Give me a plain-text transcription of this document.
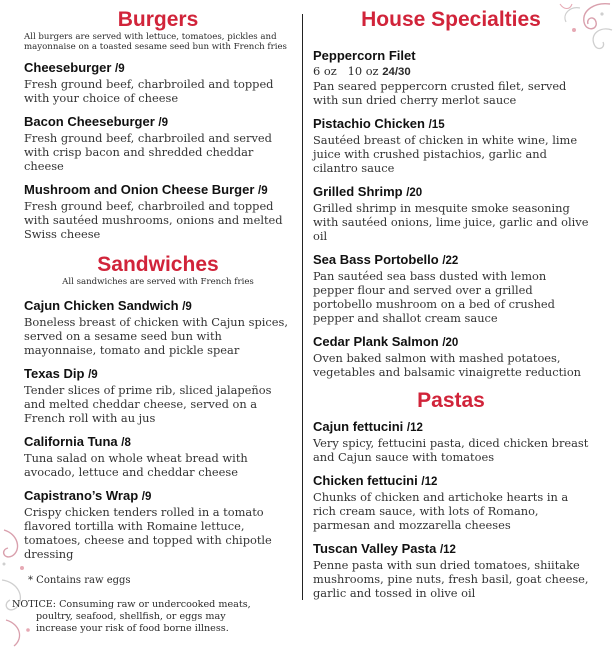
Burgers

All burgers are served with lettuce, tomatoes, pickles and mayonnaise on a toasted sesame seed bun with French fries

Cheeseburger /9
Fresh ground beef, charbroiled and topped with your choice of cheese
Bacon Cheeseburger /9
Fresh ground beef, charbroiled and served with crisp bacon and shredded cheddar cheese
Mushroom and Onion Cheese Burger /9
Fresh ground beef, charbroiled and topped with sautéed mushrooms, onions and melted Swiss cheese
Sandwiches

All sandwiches are served with French fries

Cajun Chicken Sandwich /9
Boneless breast of chicken with Cajun spices, served on a sesame seed bun with mayonnaise, tomato and pickle spear
Texas Dip /9
Tender slices of prime rib, sliced jalapeños and melted cheddar cheese, served on a French roll with au jus
California Tuna /8
Tuna salad on whole wheat bread with avocado, lettuce and cheddar cheese
Capistrano’s Wrap /9
Crispy chicken tenders rolled in a tomato flavored tortilla with Romaine lettuce, tomatoes, cheese and topped with chipotle dressing
* Contains raw eggs
NOTICE: Consuming raw or undercooked meats,
poultry, seafood, shellfish, or eggs may
increase your risk of food borne illness.
House Specialties
Peppercorn Filet
6 oz   10 oz 24/30
Pan seared peppercorn crusted filet, served with sun dried cherry merlot sauce
Pistachio Chicken /15
Sautéed breast of chicken in white wine, lime juice with crushed pistachios, garlic and cilantro sauce
Grilled Shrimp /20
Grilled shrimp in mesquite smoke seasoning with sautéed onions, lime juice, garlic and olive oil
Sea Bass Portobello /22
Pan sautéed sea bass dusted with lemon pepper flour and served over a grilled portobello mushroom on a bed of crushed pepper and shallot cream sauce
Cedar Plank Salmon /20
Oven baked salmon with mashed potatoes, vegetables and balsamic vinaigrette reduction
Pastas
Cajun fettucini /12
Very spicy, fettucini pasta, diced chicken breast and Cajun sauce with tomatoes
Chicken fettucini /12
Chunks of chicken and artichoke hearts in a rich cream sauce, with lots of Romano, parmesan and mozzarella cheeses
Tuscan Valley Pasta /12
Penne pasta with sun dried tomatoes, shiitake mushrooms, pine nuts, fresh basil, goat cheese, garlic and tossed in olive oil
